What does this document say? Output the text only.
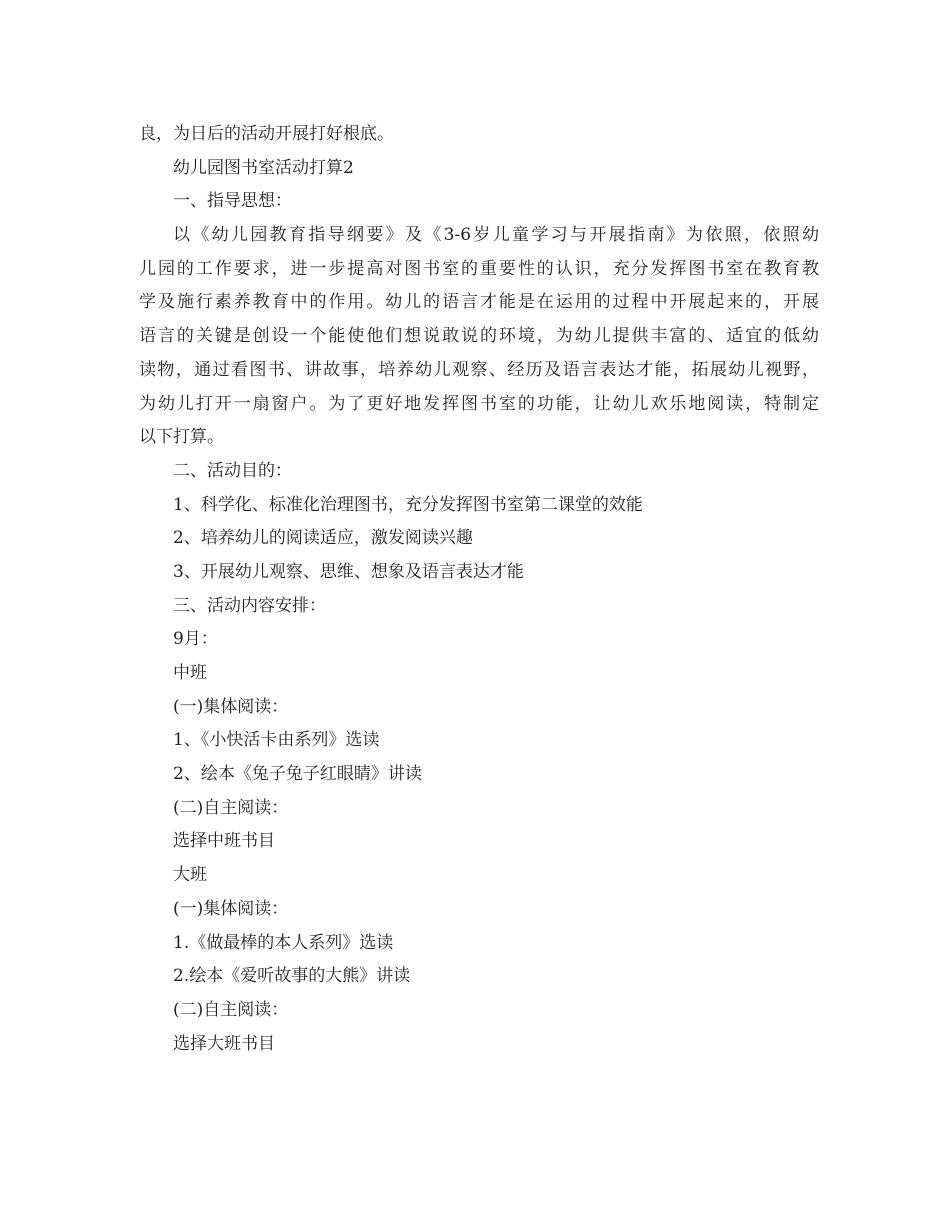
良，为日后的活动开展打好根底。
幼儿园图书室活动打算2
一、指导思想：
以《幼儿园教育指导纲要》及《3-6岁儿童学习与开展指南》为依照，依照幼
儿园的工作要求，进一步提高对图书室的重要性的认识，充分发挥图书室在教育教
学及施行素养教育中的作用。幼儿的语言才能是在运用的过程中开展起来的，开展
语言的关键是创设一个能使他们想说敢说的环境，为幼儿提供丰富的、适宜的低幼
读物，通过看图书、讲故事，培养幼儿观察、经历及语言表达才能，拓展幼儿视野，
为幼儿打开一扇窗户。为了更好地发挥图书室的功能，让幼儿欢乐地阅读，特制定
以下打算。
二、活动目的：
1、科学化、标准化治理图书，充分发挥图书室第二课堂的效能
2、培养幼儿的阅读适应，激发阅读兴趣
3、开展幼儿观察、思维、想象及语言表达才能
三、活动内容安排：
9月：
中班
(一)集体阅读：
1、《小快活卡由系列》选读
2、绘本《兔子兔子红眼睛》讲读
(二)自主阅读：
选择中班书目
大班
(一)集体阅读：
1.《做最棒的本人系列》选读
2.绘本《爱听故事的大熊》讲读
(二)自主阅读：
选择大班书目
